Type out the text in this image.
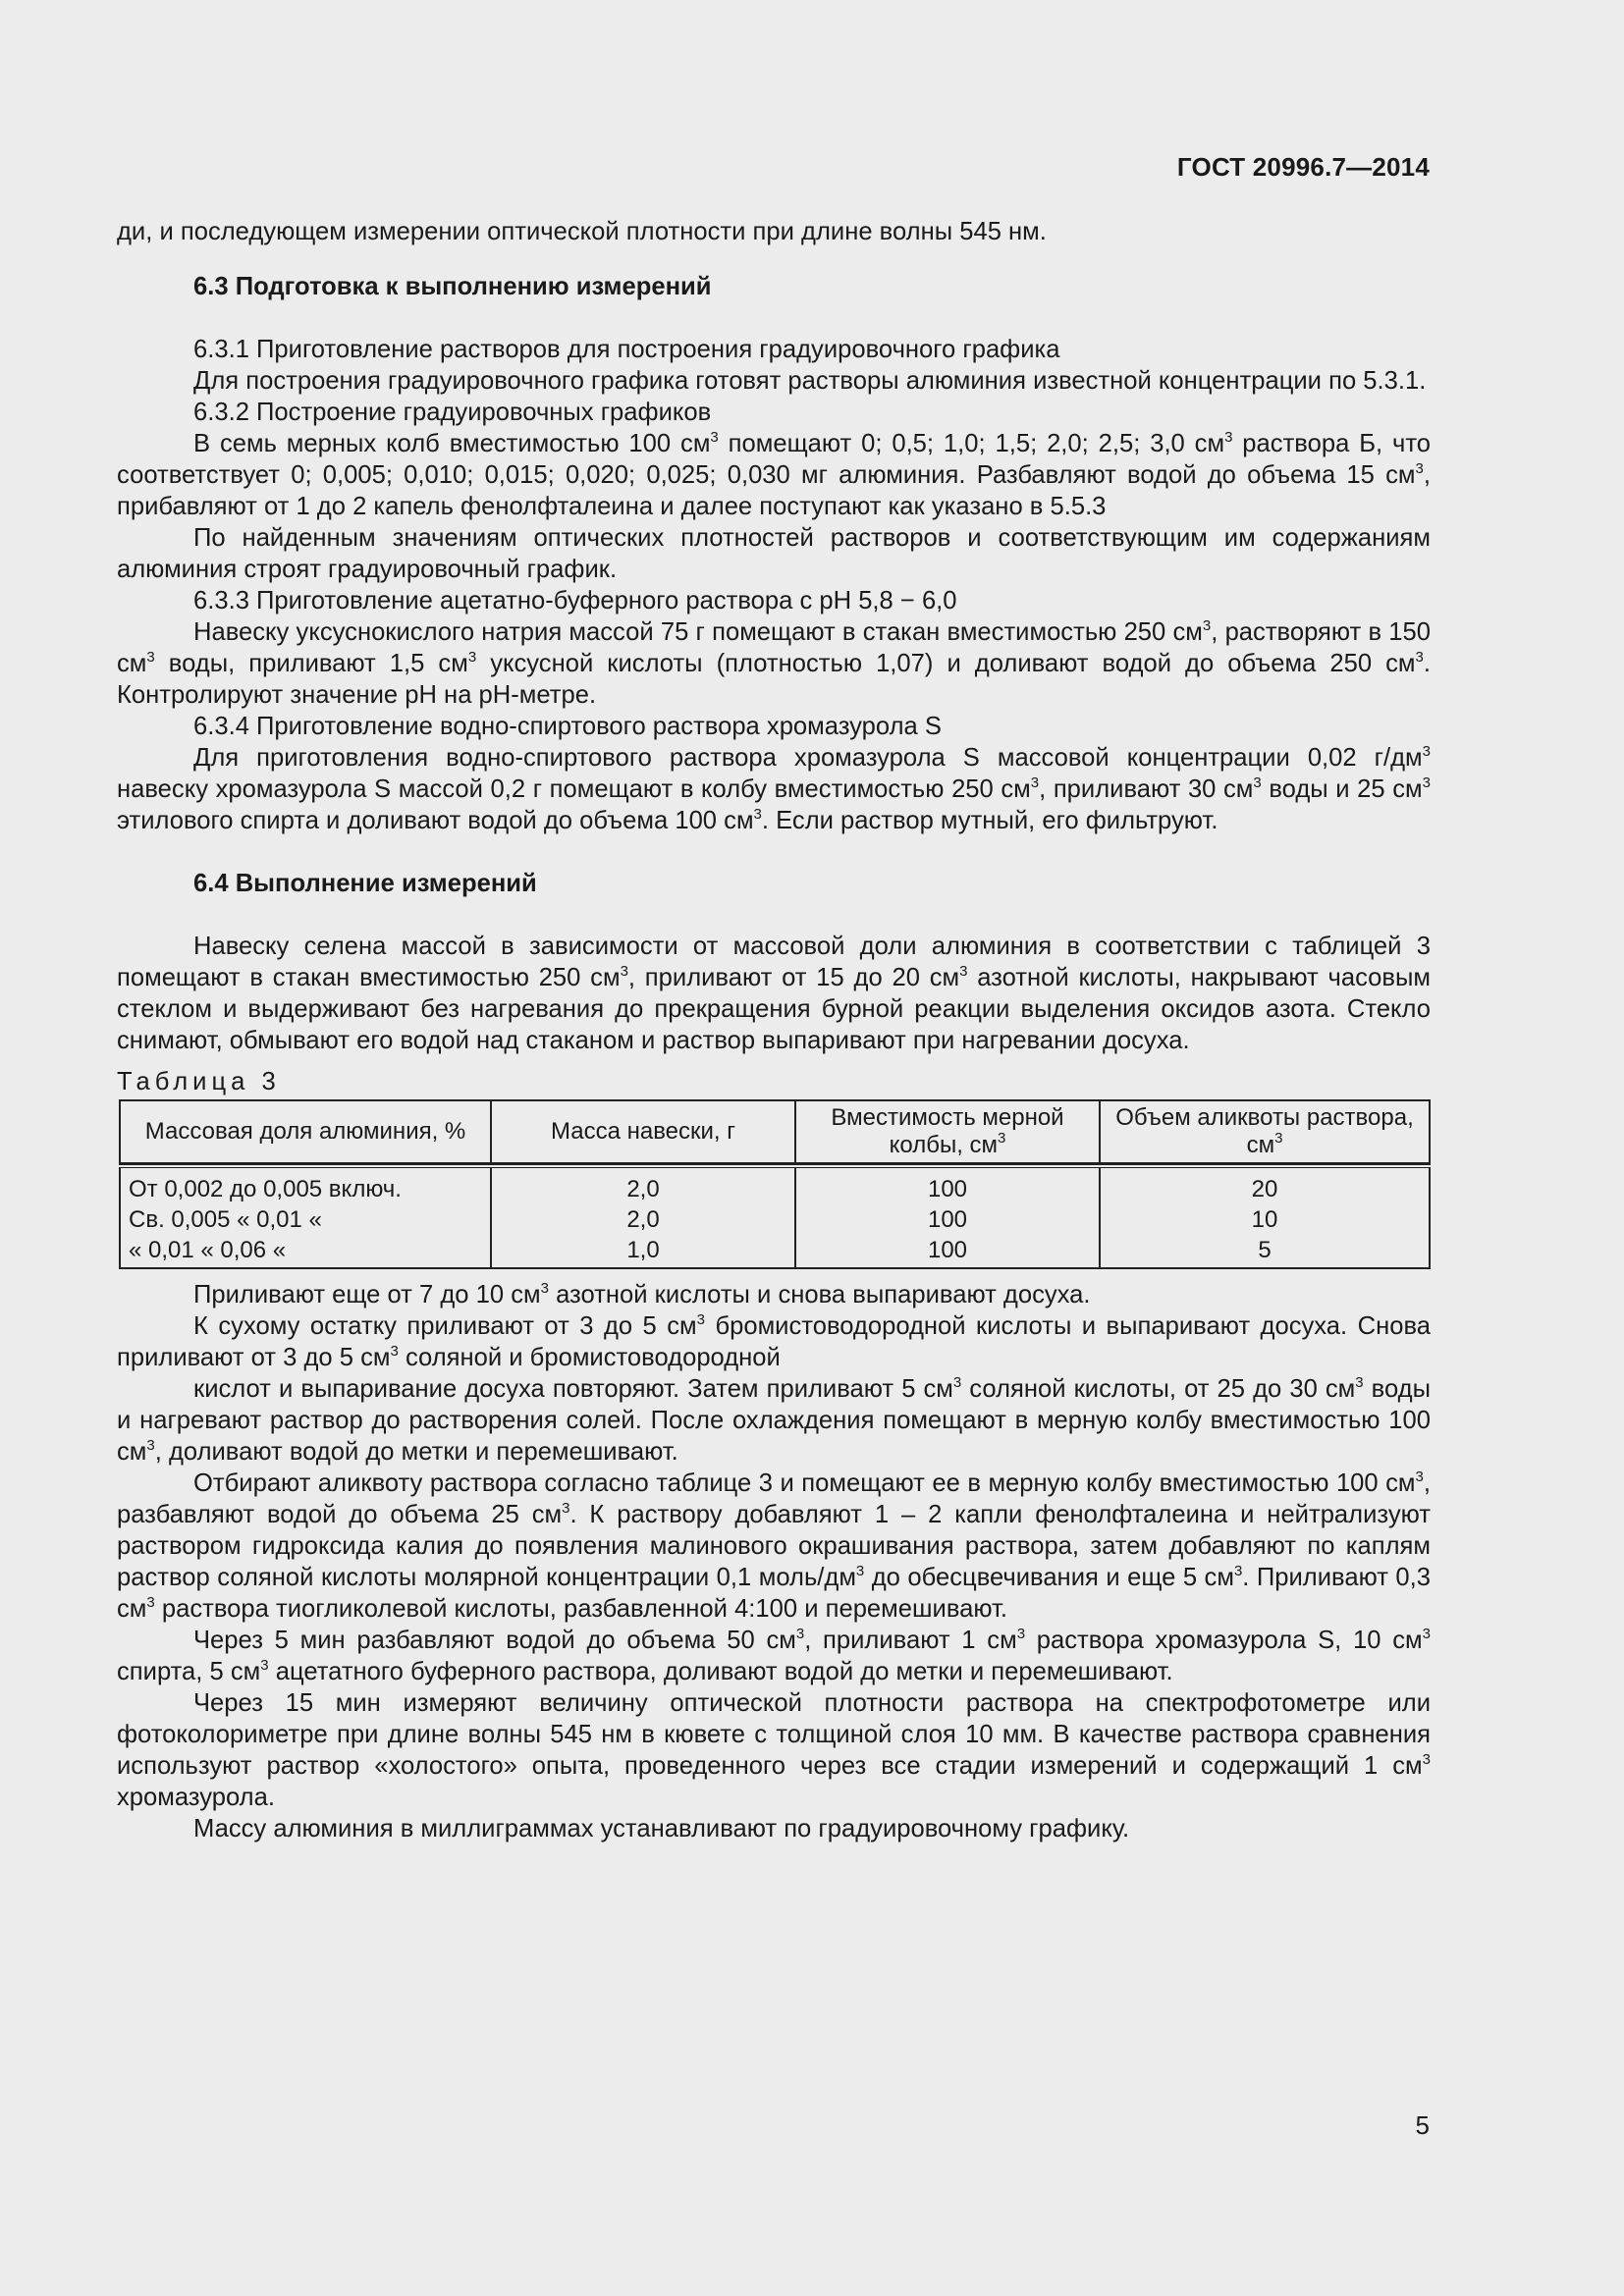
ГОСТ 20996.7—2014

ди, и последующем измерении оптической плотности при длине волны 545 нм.

6.3 Подготовка к выполнению измерений

6.3.1 Приготовление растворов для построения градуировочного графика

Для построения градуировочного графика готовят растворы алюминия известной концентрации по 5.3.1.

6.3.2 Построение градуировочных графиков

В семь мерных колб вместимостью 100 $см^3$ помещают 0; 0,5; 1,0; 1,5; 2,0; 2,5; 3,0 $см^3$ раствора Б, что соответствует 0; 0,005; 0,010; 0,015; 0,020; 0,025; 0,030 мг алюминия. Разбавляют водой до объема 15 $см^3$, прибавляют от 1 до 2 капель фенолфталеина и далее поступают как указано в 5.5.3

По найденным значениям оптических плотностей растворов и соответствующим им содержаниям алюминия строят градуировочный график.

6.3.3 Приготовление ацетатно-буферного раствора с рН 5,8 − 6,0

Навеску уксуснокислого натрия массой 75 г помещают в стакан вместимостью 250 $см^3$, растворяют в 150 $см^3$ воды, приливают 1,5 $см^3$ уксусной кислоты (плотностью 1,07) и доливают водой до объема 250 $см^3$. Контролируют значение рН на рН-метре.

6.3.4 Приготовление водно-спиртового раствора хромазурола S

Для приготовления водно-спиртового раствора хромазурола S массовой концентрации 0,02 $г/дм^3$ навеску хромазурола S массой 0,2 г помещают в колбу вместимостью 250 $см^3$, приливают 30 $см^3$ воды и 25 $см^3$ этилового спирта и доливают водой до объема 100 $см^3$. Если раствор мутный, его фильтруют.

6.4 Выполнение измерений

Навеску селена массой в зависимости от массовой доли алюминия в соответствии с таблицей 3 помещают в стакан вместимостью 250 $см^3$, приливают от 15 до 20 $см^3$ азотной кислоты, накрывают часовым стеклом и выдерживают без нагревания до прекращения бурной реакции выделения оксидов азота. Стекло снимают, обмывают его водой над стаканом и раствор выпаривают при нагревании досуха.

Таблица 3

Массовая доля алюминия, %	Масса навески, г	Вместимость мерной колбы, $см^3$	Объем аликвоты раствора, $см^3$

От 0,002 до 0,005 включ.	2,0	100	20
Св. 0,005 « 0,01 «	2,0	100	10
« 0,01 « 0,06 «	1,0	100	5

Приливают еще от 7 до 10 $см^3$ азотной кислоты и снова выпаривают досуха.

К сухому остатку приливают от 3 до 5 $см^3$ бромистоводородной кислоты и выпаривают досуха. Снова приливают от 3 до 5 $см^3$ соляной и бромистоводородной

кислот и выпаривание досуха повторяют. Затем приливают 5 $см^3$ соляной кислоты, от 25 до 30 $см^3$ воды и нагревают раствор до растворения солей. После охлаждения помещают в мерную колбу вместимостью 100 $см^3$, доливают водой до метки и перемешивают.

Отбирают аликвоту раствора согласно таблице 3 и помещают ее в мерную колбу вместимостью 100 $см^3$, разбавляют водой до объема 25 $см^3$. К раствору добавляют 1 – 2 капли фенолфталеина и нейтрализуют раствором гидроксида калия до появления малинового окрашивания раствора, затем добавляют по каплям раствор соляной кислоты молярной концентрации 0,1 моль/$дм^3$ до обесцвечивания и еще 5 $см^3$. Приливают 0,3 $см^3$ раствора тиогликолевой кислоты, разбавленной 4:100 и перемешивают.

Через 5 мин разбавляют водой до объема 50 $см^3$, приливают 1 $см^3$ раствора хромазурола S, 10 $см^3$ спирта, 5 $см^3$ ацетатного буферного раствора, доливают водой до метки и перемешивают.

Через 15 мин измеряют величину оптической плотности раствора на спектрофотометре или фотоколориметре при длине волны 545 нм в кювете с толщиной слоя 10 мм. В качестве раствора сравнения используют раствор «холостого» опыта, проведенного через все стадии измерений и содержащий 1 $см^3$ хромазурола.

Массу алюминия в миллиграммах устанавливают по градуировочному графику.

5
